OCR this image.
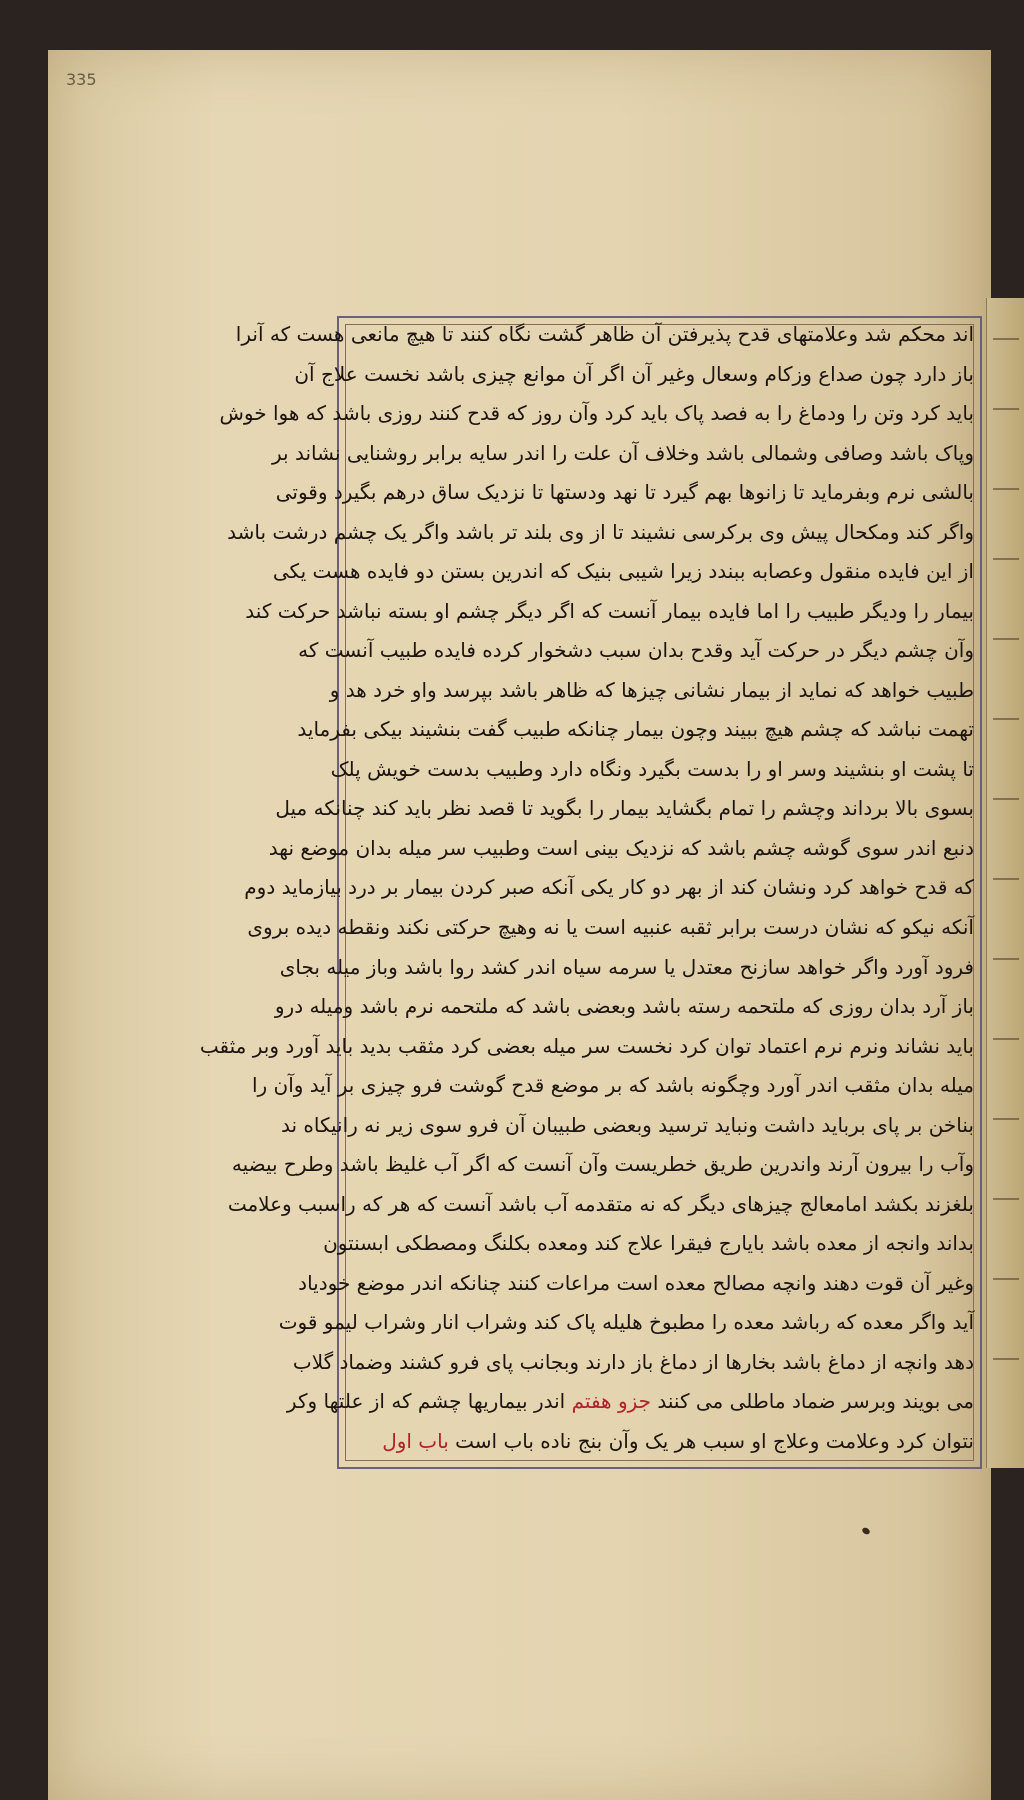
335
اند محکم شد وعلامتهای قدح پذیرفتن آن ظاهر گشت نگاه کنند تا هیچ مانعی هست که آنرا
باز دارد چون صداع وزکام وسعال وغیر آن اگر آن موانع چیزی باشد نخست علاج آن
باید کرد وتن را ودماغ را به فصد پاک باید کرد وآن روز که قدح کنند روزی باشد که هوا خوش
وپاک باشد وصافی وشمالی باشد وخلاف آن علت را اندر سایه برابر روشنایی نشاند بر
بالشی نرم وبفرماید تا زانوها بهم گیرد تا نهد ودستها تا نزدیک ساق درهم بگیرد وقوتی
واگر کند ومکحال پیش وی برکرسی نشیند تا از وی بلند تر باشد واگر یک چشم درشت باشد
از این فایده منقول وعصابه ببندد زیرا شیبی بنیک که اندرین بستن دو فایده هست یکی
بیمار را ودیگر طبیب را اما فایده بیمار آنست که اگر دیگر چشم او بسته نباشد حرکت کند
وآن چشم دیگر در حرکت آید وقدح بدان سبب دشخوار کرده فایده طبیب آنست که
طبیب خواهد که نماید از بیمار نشانی چیزها که ظاهر باشد بپرسد واو خرد هد و
تهمت نباشد که چشم هیچ ببیند وچون بیمار چنانکه طبیب گفت بنشیند بیکی بفرماید
تا پشت او بنشیند وسر او را بدست بگیرد ونگاه دارد وطبیب بدست خویش پلک
بسوی بالا برداند وچشم را تمام بگشاید بیمار را بگوید تا قصد نظر باید کند چنانکه میل
دنبع اندر سوی گوشه چشم باشد که نزدیک بینی است وطبیب سر میله بدان موضع نهد
که قدح خواهد کرد ونشان کند از بهر دو کار یکی آنکه صبر کردن بیمار بر درد بیازماید دوم
آنکه نیکو که نشان درست برابر ثقبه عنبیه است یا نه وهیچ حرکتی نکند ونقطه دیده بروی
فرود آورد واگر خواهد سازنح معتدل یا سرمه سیاه اندر کشد روا باشد وباز میله بجای
باز آرد بدان روزی که ملتحمه رسته باشد وبعضی باشد که ملتحمه نرم باشد ومیله درو
باید نشاند ونرم نرم اعتماد توان کرد نخست سر میله بعضی کرد مثقب بدید باید آورد وبر مثقب
میله بدان مثقب اندر آورد وچگونه باشد که بر موضع قدح گوشت فرو چیزی بر آید وآن را
بناخن بر پای برباید داشت ونباید ترسید وبعضی طبیبان آن فرو سوی زیر نه رانیکاه ند
وآب را بیرون آرند واندرین طریق خطریست وآن آنست که اگر آب غلیظ باشد وطرح بیضیه
بلغزند بکشد امامعالج چیزهای دیگر که نه متقدمه آب باشد آنست که هر که راسبب وعلامت
بداند وانجه از معده باشد بایارج فیقرا علاج کند ومعده بکلنگ ومصطکی ابسنتون
وغیر آن قوت دهند وانچه مصالح معده است مراعات کنند چنانکه اندر موضع خودیاد
آید واگر معده که رباشد معده را مطبوخ هلیله پاک کند وشراب انار وشراب لیمو قوت
دهد وانچه از دماغ باشد بخارها از دماغ باز دارند وبجانب پای فرو کشند وضماد گلاب
می بویند وبرسر ضماد ماطلی می کنند جزو هفتم اندر بیماریها چشم که از علتها وکر
نتوان کرد وعلامت وعلاج او سبب هر یک وآن بنج ناده باب است باب اول
